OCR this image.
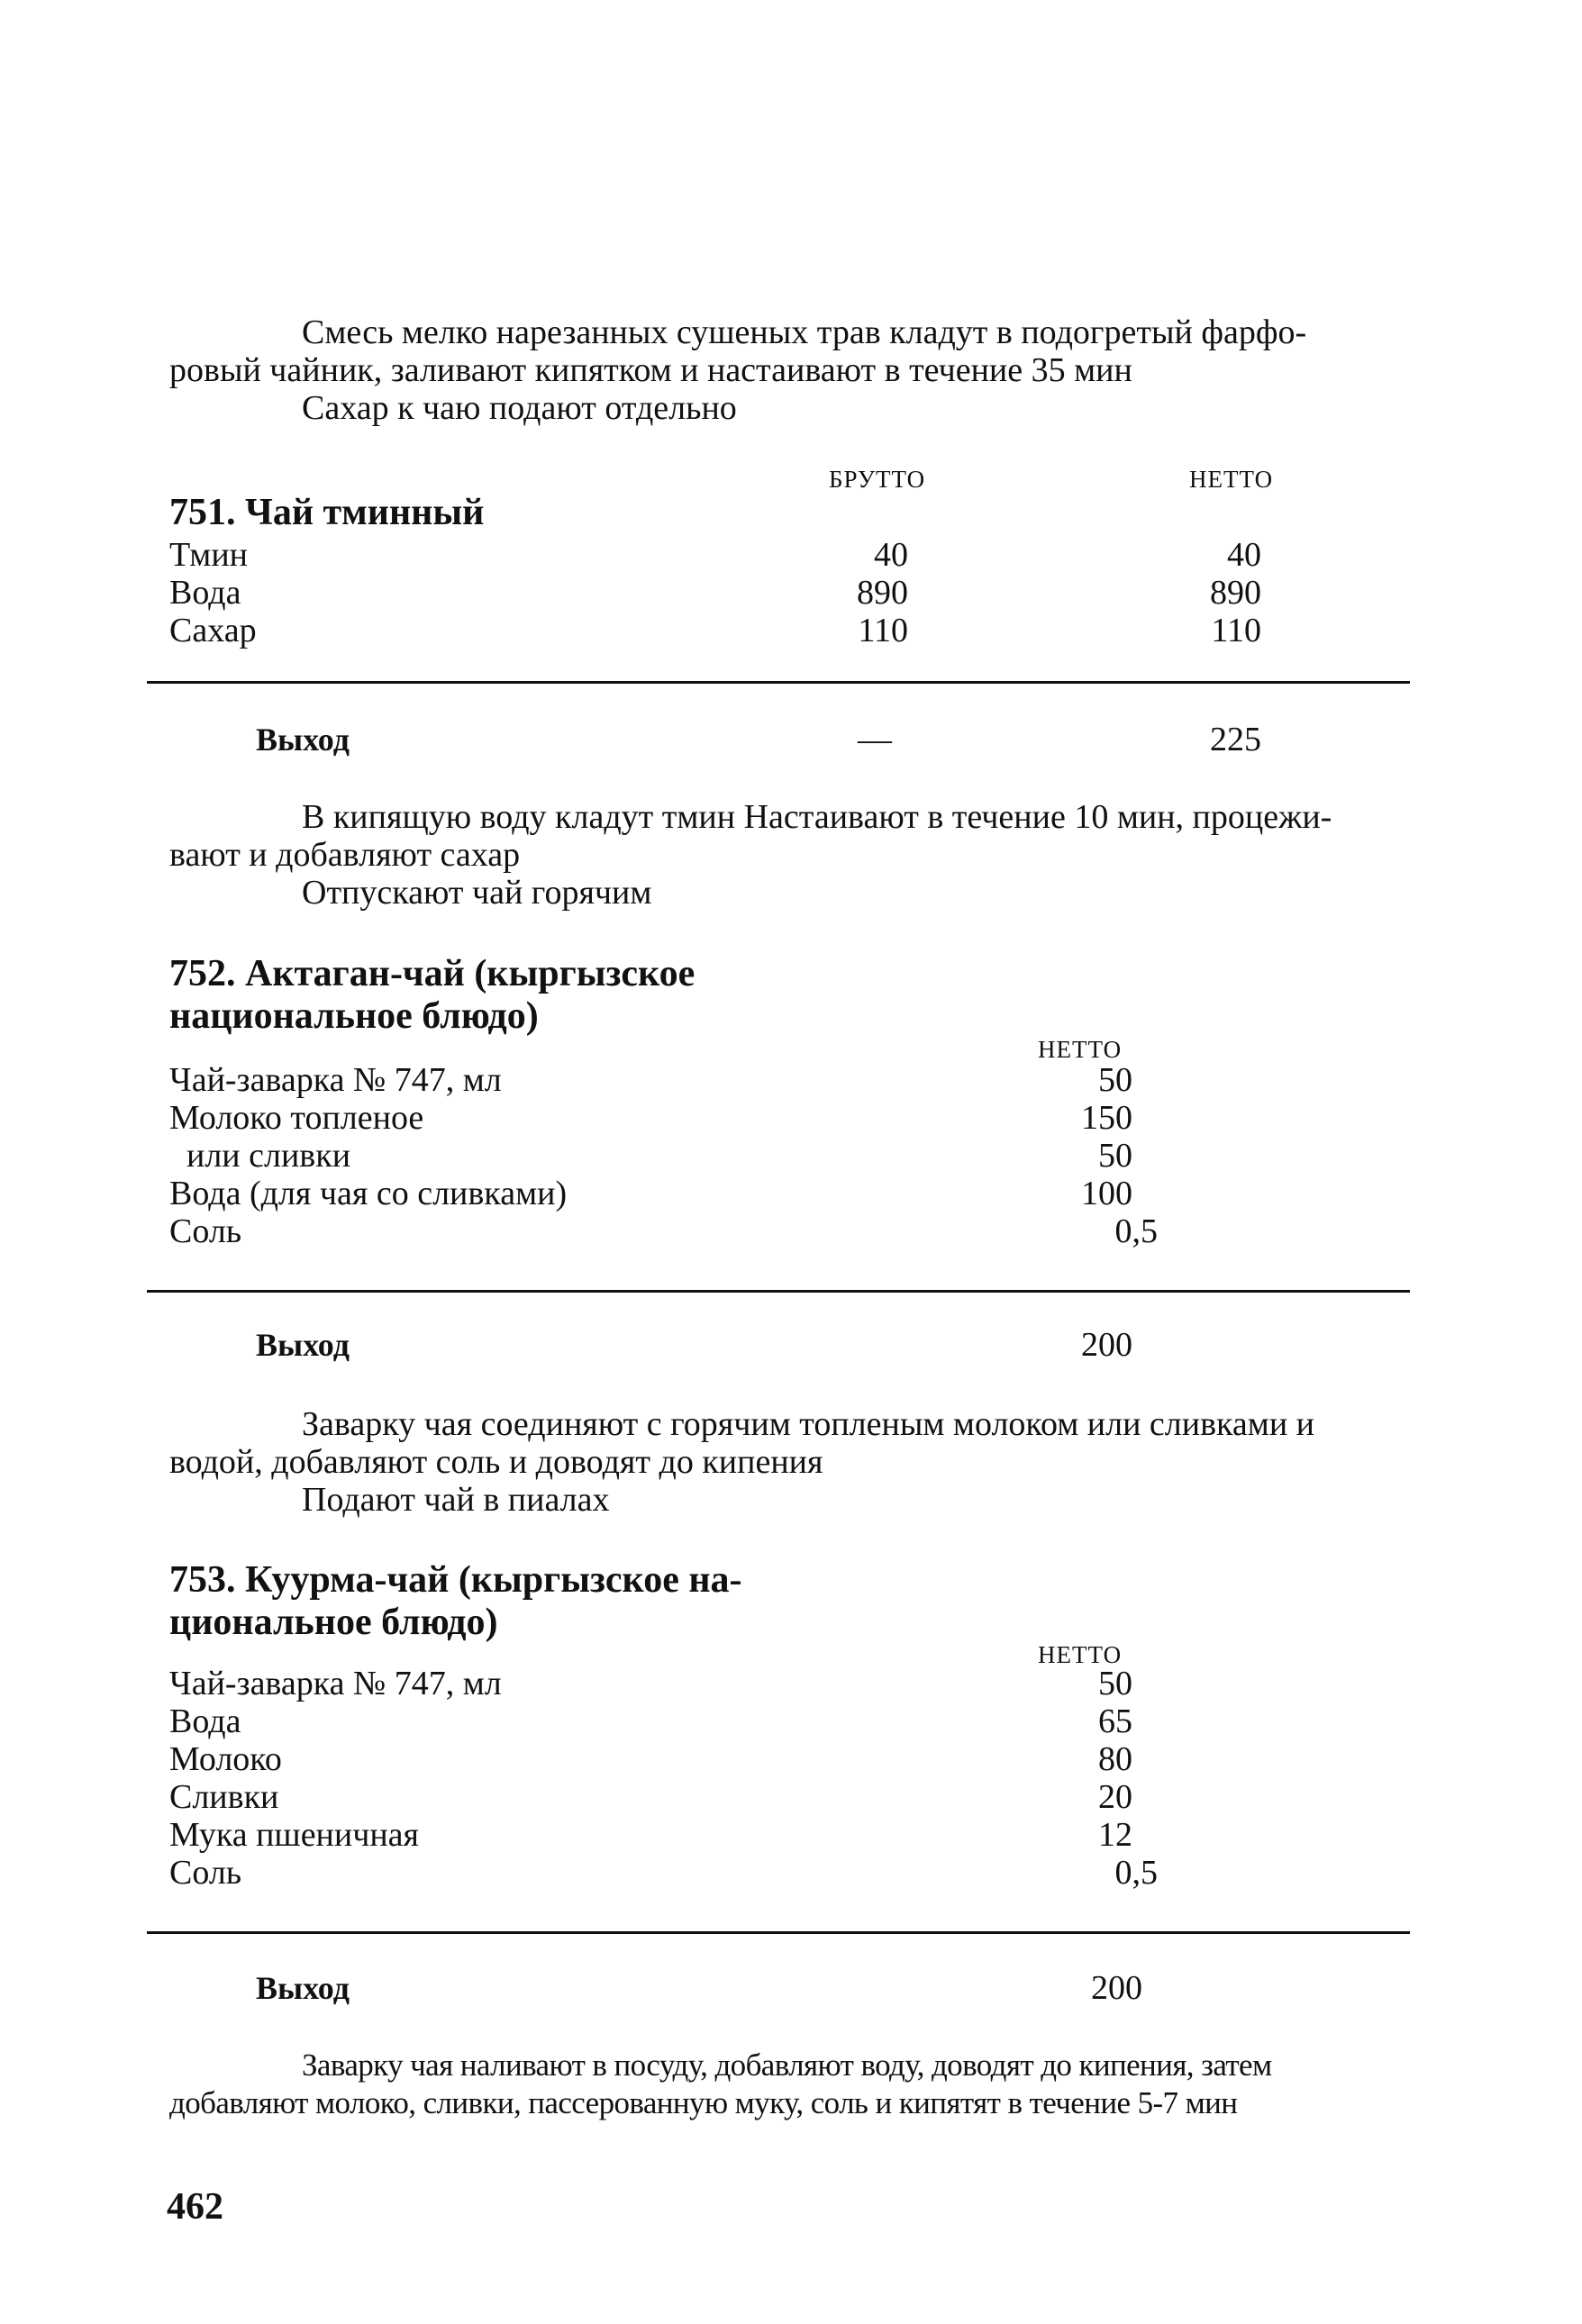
Смесь мелко нарезанных сушеных трав кладут в подогретый фарфо-
ровый чайник, заливают кипятком и настаивают в течение 35 мин
Сахар к чаю подают отдельно
БРУТТО	НЕТТО
751. Чай тминный
Тмин	40	40
Вода	890	890
Сахар	110	110
Выход	—	225
В кипящую воду кладут тмин Настаивают в течение 10 мин, процежи-
вают и добавляют сахар
Отпускают чай горячим
752. Актаган-чай (кыргызское
национальное блюдо)
НЕТТО
Чай-заварка № 747, мл	50
Молоко топленое	150
или сливки	50
Вода (для чая со сливками)	100
Соль	0,5
Выход	200
Заварку чая соединяют с горячим топленым молоком или сливками и
водой, добавляют соль и доводят до кипения
Подают чай в пиалах
753. Куурма-чай (кыргызское на-
циональное блюдо)
НЕТТО
Чай-заварка № 747, мл	50
Вода	65
Молоко	80
Сливки	20
Мука пшеничная	12
Соль	0,5
Выход	200
Заварку чая наливают в посуду, добавляют воду, доводят до кипения, затем
добавляют молоко, сливки, пассерованную муку, соль и кипятят в течение 5-7 мин
462
